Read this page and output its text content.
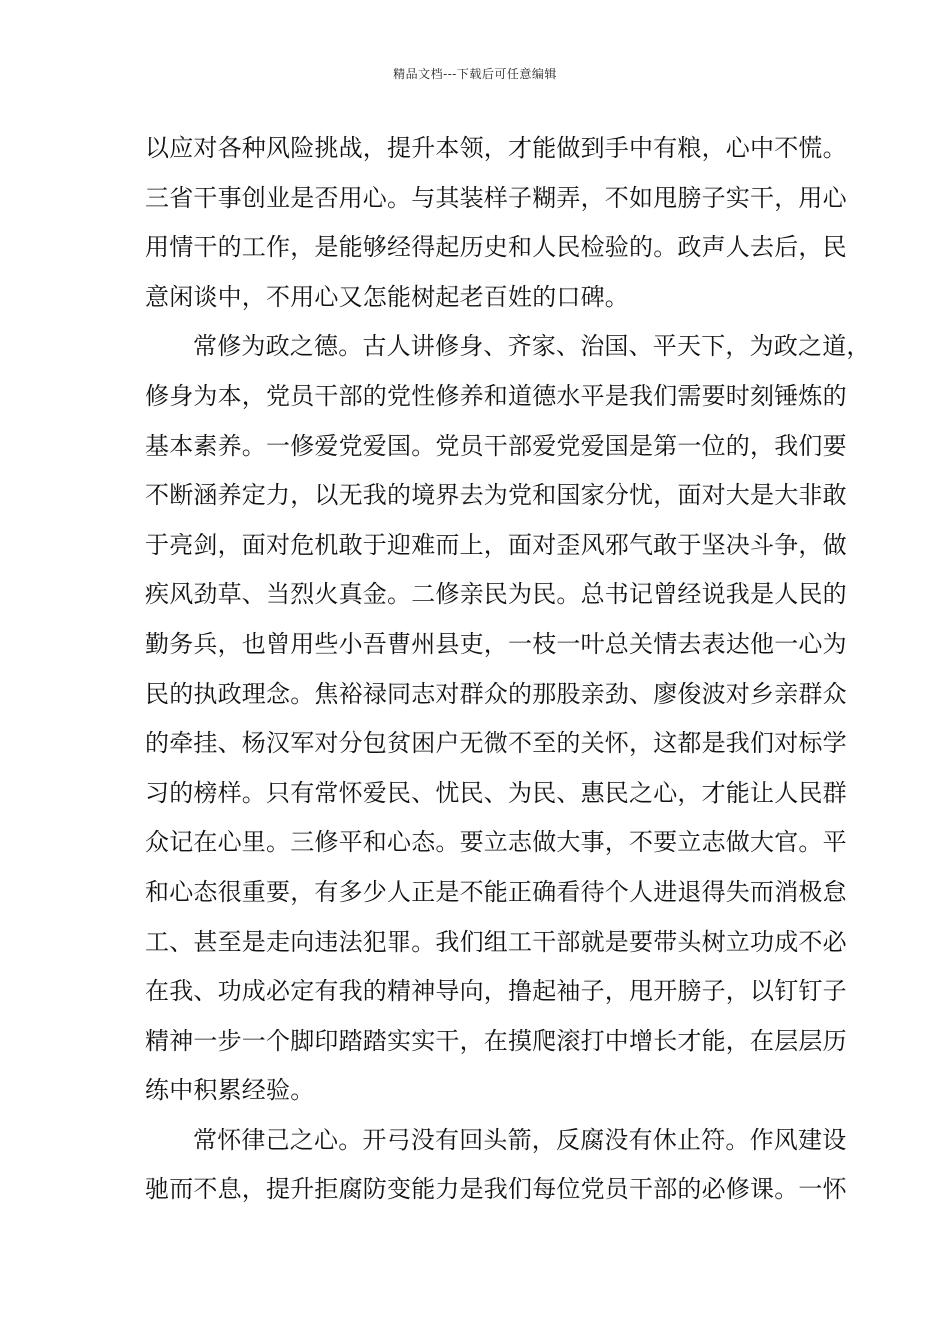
精品文档---下载后可任意编辑
以应对各种风险挑战，提升本领，才能做到手中有粮，心中不慌。
三省干事创业是否用心。与其装样子糊弄，不如甩膀子实干，用心
用情干的工作，是能够经得起历史和人民检验的。政声人去后，民
意闲谈中，不用心又怎能树起老百姓的口碑。
常修为政之德。古人讲修身、齐家、治国、平天下，为政之道，
修身为本，党员干部的党性修养和道德水平是我们需要时刻锤炼的
基本素养。一修爱党爱国。党员干部爱党爱国是第一位的，我们要
不断涵养定力，以无我的境界去为党和国家分忧，面对大是大非敢
于亮剑，面对危机敢于迎难而上，面对歪风邪气敢于坚决斗争，做
疾风劲草、当烈火真金。二修亲民为民。总书记曾经说我是人民的
勤务兵，也曾用些小吾曹州县吏，一枝一叶总关情去表达他一心为
民的执政理念。焦裕禄同志对群众的那股亲劲、廖俊波对乡亲群众
的牵挂、杨汉军对分包贫困户无微不至的关怀，这都是我们对标学
习的榜样。只有常怀爱民、忧民、为民、惠民之心，才能让人民群
众记在心里。三修平和心态。要立志做大事，不要立志做大官。平
和心态很重要，有多少人正是不能正确看待个人进退得失而消极怠
工、甚至是走向违法犯罪。我们组工干部就是要带头树立功成不必
在我、功成必定有我的精神导向，撸起袖子，甩开膀子，以钉钉子
精神一步一个脚印踏踏实实干，在摸爬滚打中增长才能，在层层历
练中积累经验。
常怀律己之心。开弓没有回头箭，反腐没有休止符。作风建设
驰而不息，提升拒腐防变能力是我们每位党员干部的必修课。一怀
